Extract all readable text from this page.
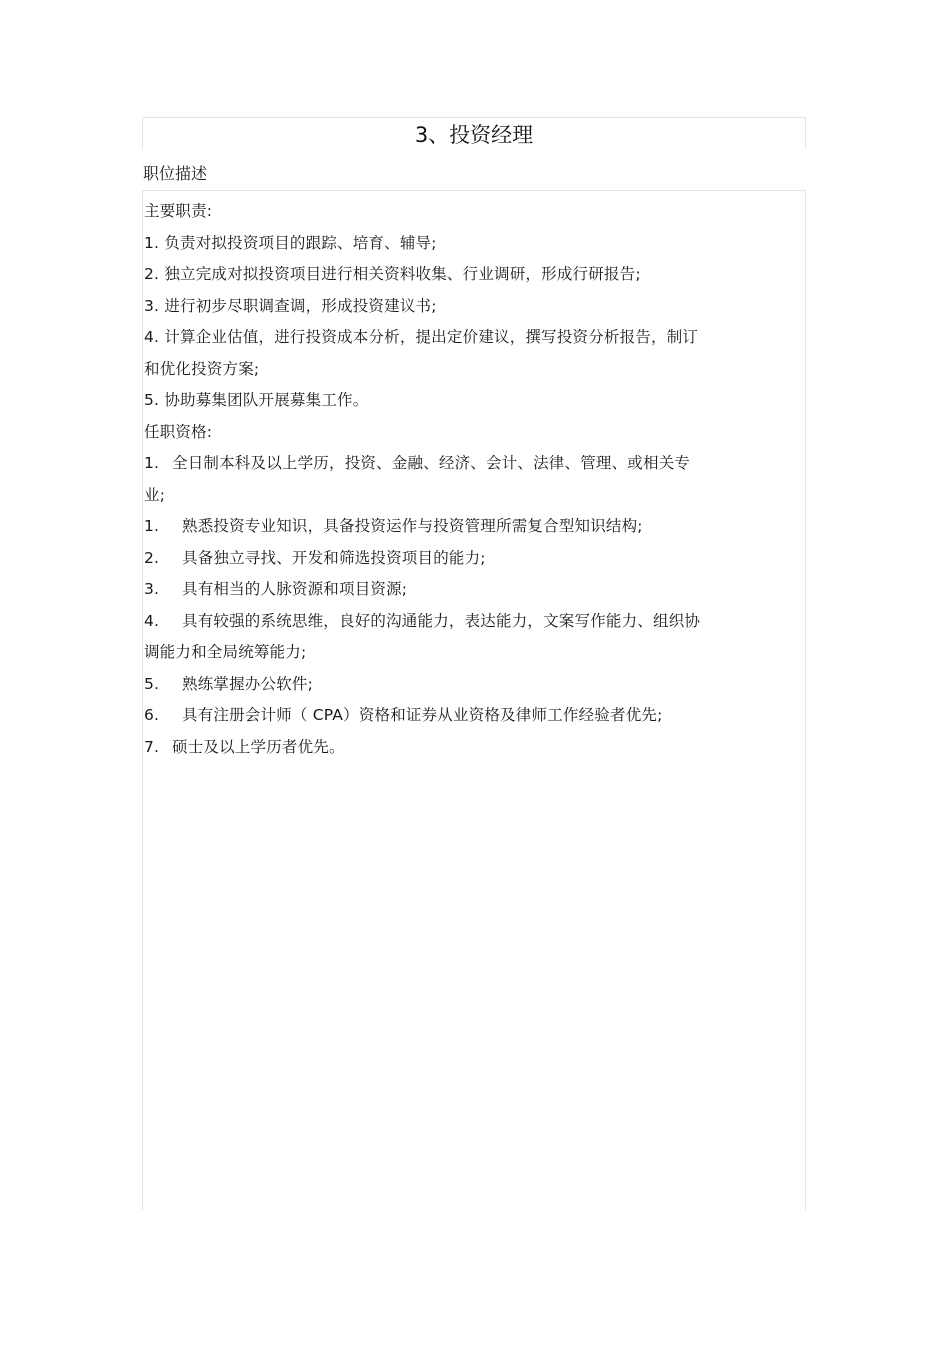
3、投资经理
职位描述
主要职责:
1. 负责对拟投资项目的跟踪、培育、辅导;
2. 独立完成对拟投资项目进行相关资料收集、行业调研，形成行研报告;
3. 进行初步尽职调查调，形成投资建议书;
4. 计算企业估值，进行投资成本分析，提出定价建议，撰写投资分析报告，制订
和优化投资方案;
5. 协助募集团队开展募集工作。
任职资格:
1. 全日制本科及以上学历，投资、金融、经济、会计、法律、管理、或相关专
业;
1. 熟悉投资专业知识，具备投资运作与投资管理所需复合型知识结构;
2. 具备独立寻找、开发和筛选投资项目的能力;
3. 具有相当的人脉资源和项目资源;
4. 具有较强的系统思维，良好的沟通能力，表达能力，文案写作能力、组织协
调能力和全局统筹能力;
5. 熟练掌握办公软件;
6. 具有注册会计师（ CPA）资格和证券从业资格及律师工作经验者优先;
7. 硕士及以上学历者优先。
